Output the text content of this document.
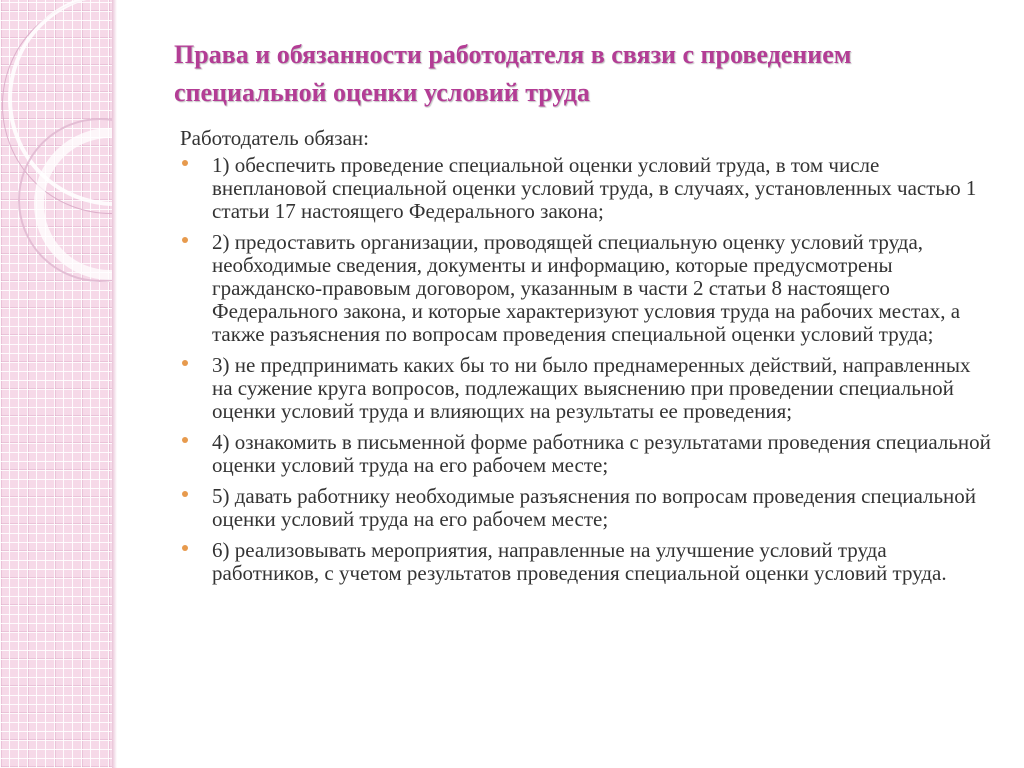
Права и обязанности работодателя в связи с проведением специальной оценки условий труда

Работодатель обязан:

1) обеспечить проведение специальной оценки условий труда, в том числе внеплановой специальной оценки условий труда, в случаях, установленных частью 1 статьи 17 настоящего Федерального закона;
2) предоставить организации, проводящей специальную оценку условий труда, необходимые сведения, документы и информацию, которые предусмотрены гражданско-правовым договором, указанным в части 2 статьи 8 настоящего Федерального закона, и которые характеризуют условия труда на рабочих местах, а также разъяснения по вопросам проведения специальной оценки условий труда;
3) не предпринимать каких бы то ни было преднамеренных действий, направленных на сужение круга вопросов, подлежащих выяснению при проведении специальной оценки условий труда и влияющих на результаты ее проведения;
4) ознакомить в письменной форме работника с результатами проведения специальной оценки условий труда на его рабочем месте;
5) давать работнику необходимые разъяснения по вопросам проведения специальной оценки условий труда на его рабочем месте;
6) реализовывать мероприятия, направленные на улучшение условий труда работников, с учетом результатов проведения специальной оценки условий труда.
